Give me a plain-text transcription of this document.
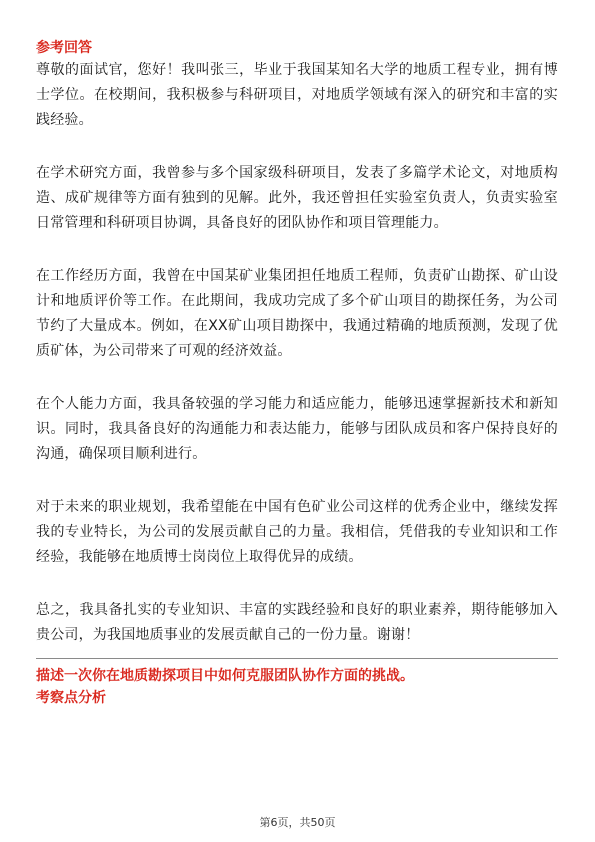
参考回答

尊敬的面试官，您好！我叫张三，毕业于我国某知名大学的地质工程专业，拥有博士学位。在校期间，我积极参与科研项目，对地质学领域有深入的研究和丰富的实践经验。

在学术研究方面，我曾参与多个国家级科研项目，发表了多篇学术论文，对地质构造、成矿规律等方面有独到的见解。此外，我还曾担任实验室负责人，负责实验室日常管理和科研项目协调，具备良好的团队协作和项目管理能力。

在工作经历方面，我曾在中国某矿业集团担任地质工程师，负责矿山勘探、矿山设计和地质评价等工作。在此期间，我成功完成了多个矿山项目的勘探任务，为公司节约了大量成本。例如，在XX矿山项目勘探中，我通过精确的地质预测，发现了优质矿体，为公司带来了可观的经济效益。

在个人能力方面，我具备较强的学习能力和适应能力，能够迅速掌握新技术和新知识。同时，我具备良好的沟通能力和表达能力，能够与团队成员和客户保持良好的沟通，确保项目顺利进行。

对于未来的职业规划，我希望能在中国有色矿业公司这样的优秀企业中，继续发挥我的专业特长，为公司的发展贡献自己的力量。我相信，凭借我的专业知识和工作经验，我能够在地质博士岗岗位上取得优异的成绩。

总之，我具备扎实的专业知识、丰富的实践经验和良好的职业素养，期待能够加入贵公司，为我国地质事业的发展贡献自己的一份力量。谢谢！

描述一次你在地质勘探项目中如何克服团队协作方面的挑战。

考察点分析

第6页，共50页
